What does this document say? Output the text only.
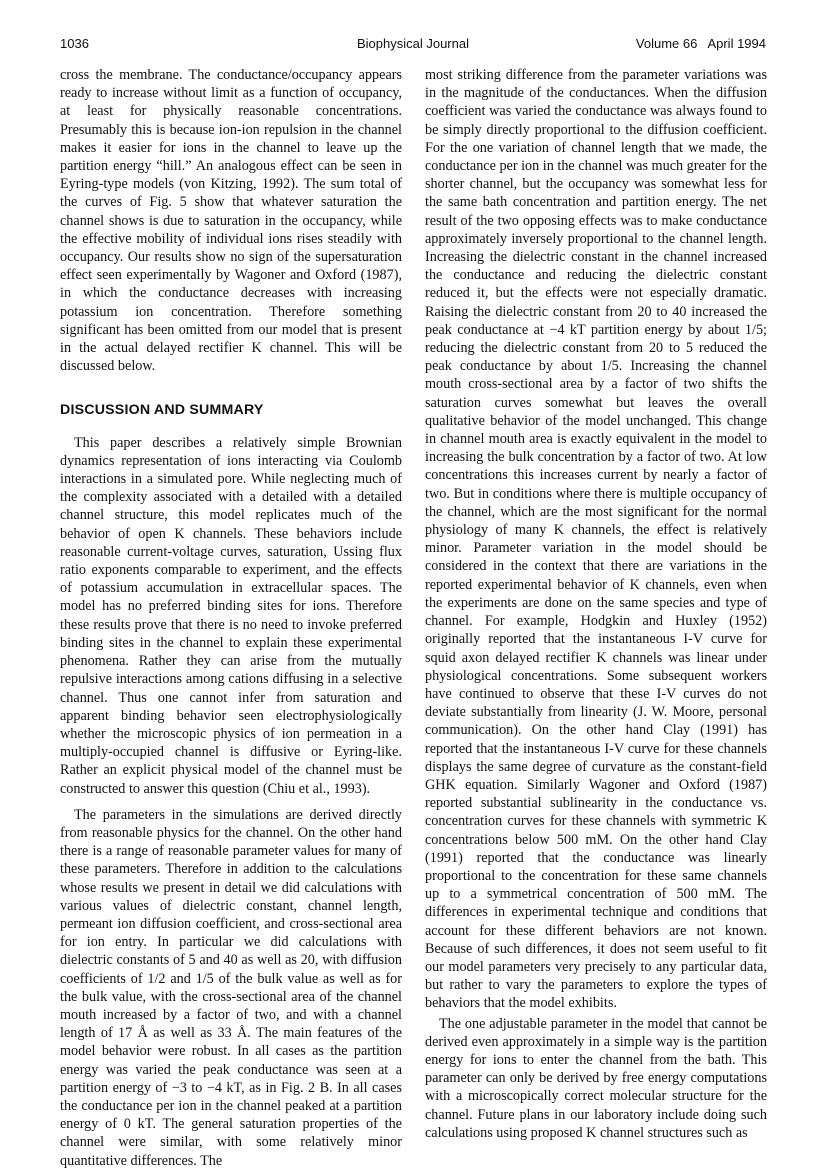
1036	Biophysical Journal	Volume 66   April 1994

cross the membrane. The conductance/occupancy appears ready to increase without limit as a function of occupancy, at least for physically reasonable concentrations. Presumably this is because ion-ion repulsion in the channel makes it easier for ions in the channel to leave up the partition energy “hill.” An analogous effect can be seen in Eyring-type models (von Kitzing, 1992). The sum total of the curves of Fig. 5 show that whatever saturation the channel shows is due to saturation in the occupancy, while the effective mobility of individual ions rises steadily with occupancy. Our results show no sign of the supersaturation effect seen experimentally by Wagoner and Oxford (1987), in which the conductance decreases with increasing potassium ion concentration. Therefore something significant has been omitted from our model that is present in the actual delayed rectifier K channel. This will be discussed below.

DISCUSSION AND SUMMARY

This paper describes a relatively simple Brownian dynamics representation of ions interacting via Coulomb interactions in a simulated pore. While neglecting much of the complexity associated with a detailed with a detailed channel structure, this model replicates much of the behavior of open K channels. These behaviors include reasonable current-voltage curves, saturation, Ussing flux ratio exponents comparable to experiment, and the effects of potassium accumulation in extracellular spaces. The model has no preferred binding sites for ions. Therefore these results prove that there is no need to invoke preferred binding sites in the channel to explain these experimental phenomena. Rather they can arise from the mutually repulsive interactions among cations diffusing in a selective channel. Thus one cannot infer from saturation and apparent binding behavior seen electrophysiologically whether the microscopic physics of ion permeation in a multiply-occupied channel is diffusive or Eyring-like. Rather an explicit physical model of the channel must be constructed to answer this question (Chiu et al., 1993).

The parameters in the simulations are derived directly from reasonable physics for the channel. On the other hand there is a range of reasonable parameter values for many of these parameters. Therefore in addition to the calculations whose results we present in detail we did calculations with various values of dielectric constant, channel length, permeant ion diffusion coefficient, and cross-sectional area for ion entry. In particular we did calculations with dielectric constants of 5 and 40 as well as 20, with diffusion coefficients of 1/2 and 1/5 of the bulk value as well as for the bulk value, with the cross-sectional area of the channel mouth increased by a factor of two, and with a channel length of 17 Å as well as 33 Å. The main features of the model behavior were robust. In all cases as the partition energy was varied the peak conductance was seen at a partition energy of −3 to −4 kT, as in Fig. 2 B. In all cases the conductance per ion in the channel peaked at a partition energy of 0 kT. The general saturation properties of the channel were similar, with some relatively minor quantitative differences. The

most striking difference from the parameter variations was in the magnitude of the conductances. When the diffusion coefficient was varied the conductance was always found to be simply directly proportional to the diffusion coefficient. For the one variation of channel length that we made, the conductance per ion in the channel was much greater for the shorter channel, but the occupancy was somewhat less for the same bath concentration and partition energy. The net result of the two opposing effects was to make conductance approximately inversely proportional to the channel length. Increasing the dielectric constant in the channel increased the conductance and reducing the dielectric constant reduced it, but the effects were not especially dramatic. Raising the dielectric constant from 20 to 40 increased the peak conductance at −4 kT partition energy by about 1/5; reducing the dielectric constant from 20 to 5 reduced the peak conductance by about 1/5. Increasing the channel mouth cross-sectional area by a factor of two shifts the saturation curves somewhat but leaves the overall qualitative behavior of the model unchanged. This change in channel mouth area is exactly equivalent in the model to increasing the bulk concentration by a factor of two. At low concentrations this increases current by nearly a factor of two. But in conditions where there is multiple occupancy of the channel, which are the most significant for the normal physiology of many K channels, the effect is relatively minor. Parameter variation in the model should be considered in the context that there are variations in the reported experimental behavior of K channels, even when the experiments are done on the same species and type of channel. For example, Hodgkin and Huxley (1952) originally reported that the instantaneous I-V curve for squid axon delayed rectifier K channels was linear under physiological concentrations. Some subsequent workers have continued to observe that these I-V curves do not deviate substantially from linearity (J. W. Moore, personal communication). On the other hand Clay (1991) has reported that the instantaneous I-V curve for these channels displays the same degree of curvature as the constant-field GHK equation. Similarly Wagoner and Oxford (1987) reported substantial sublinearity in the conductance vs. concentration curves for these channels with symmetric K concentrations below 500 mM. On the other hand Clay (1991) reported that the conductance was linearly proportional to the concentration for these same channels up to a symmetrical concentration of 500 mM. The differences in experimental technique and conditions that account for these different behaviors are not known. Because of such differences, it does not seem useful to fit our model parameters very precisely to any particular data, but rather to vary the parameters to explore the types of behaviors that the model exhibits.

The one adjustable parameter in the model that cannot be derived even approximately in a simple way is the partition energy for ions to enter the channel from the bath. This parameter can only be derived by free energy computations with a microscopically correct molecular structure for the channel. Future plans in our laboratory include doing such calculations using proposed K channel structures such as
